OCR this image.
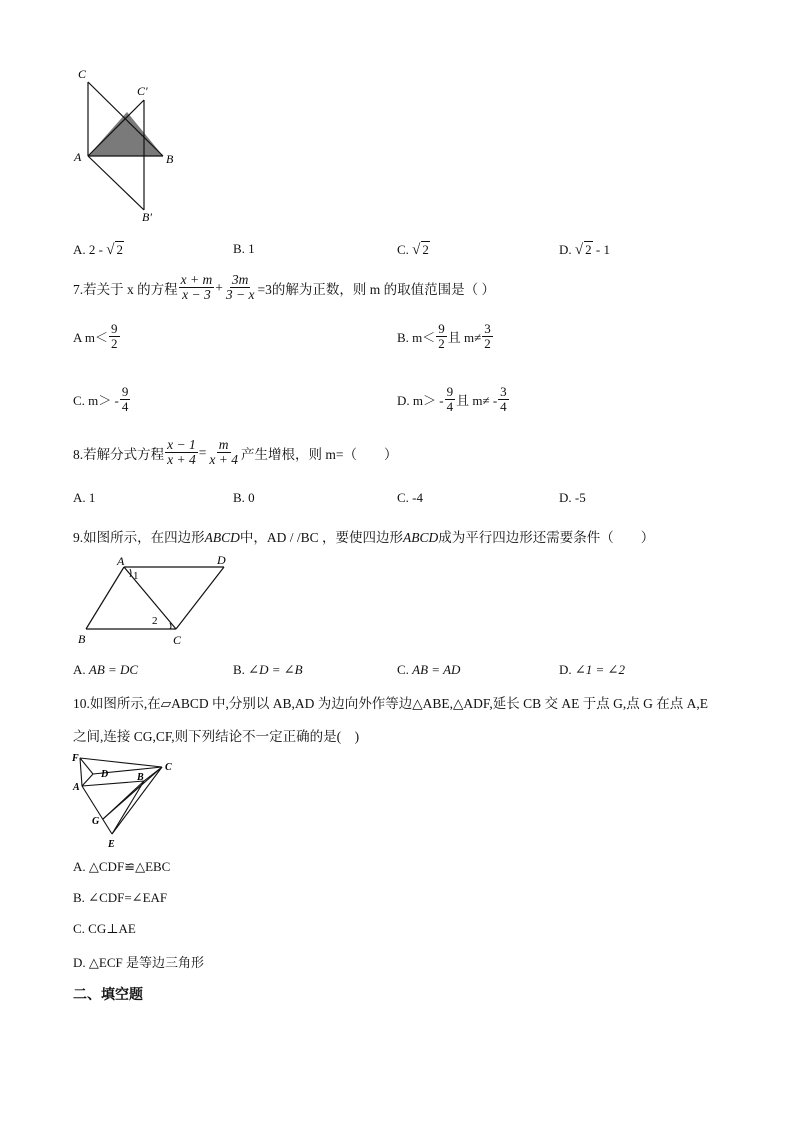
C
C′
A	B
B′
A. 2 - √ 2	B. 1	C. √ 2	D. √ 2 - 1
7.若关于 x 的方程 $\frac{x + m}{x - 3} + \frac{3m}{3 - x} =3$的解为正数，则 m 的取值范围是（ ）
A $m< \frac{9}{2}$	B. $m< \frac{9}{2}$ 且 $m\ne \frac{3}{2}$
C. $m> - \frac{9}{4}$	D. $m> - \frac{9}{4}$ 且 $m\ne - \frac{3}{4}$
8.若解分式方程 $\frac{x - 1}{x + 4} = \frac{m}{x + 4}$ 产生增根，则 m=（　　）
A. 1	B. 0	C. -4	D. -5
9.如图所示，在四边形ABCD中，AD / /BC ，要使四边形ABCD成为平行四边形还需要条件（　　）
A	D
B	C
1
2
A. AB = DC	B. ∠D = ∠B	C. AB = AD	D. ∠1 = ∠2
10.如图所示,在▱ABCD 中,分别以 AB,AD 为边向外作等边△ABE,△ADF,延长 CB 交 AE 于点 G,点 G 在点 A,E
之间,连接 CG,CF,则下列结论不一定正确的是(　)
F
D	B
C
A
G
E
A. △CDF≌△EBC
B. ∠CDF=∠EAF
C. CG⊥AE
D. △ECF 是等边三角形
二、填空题
